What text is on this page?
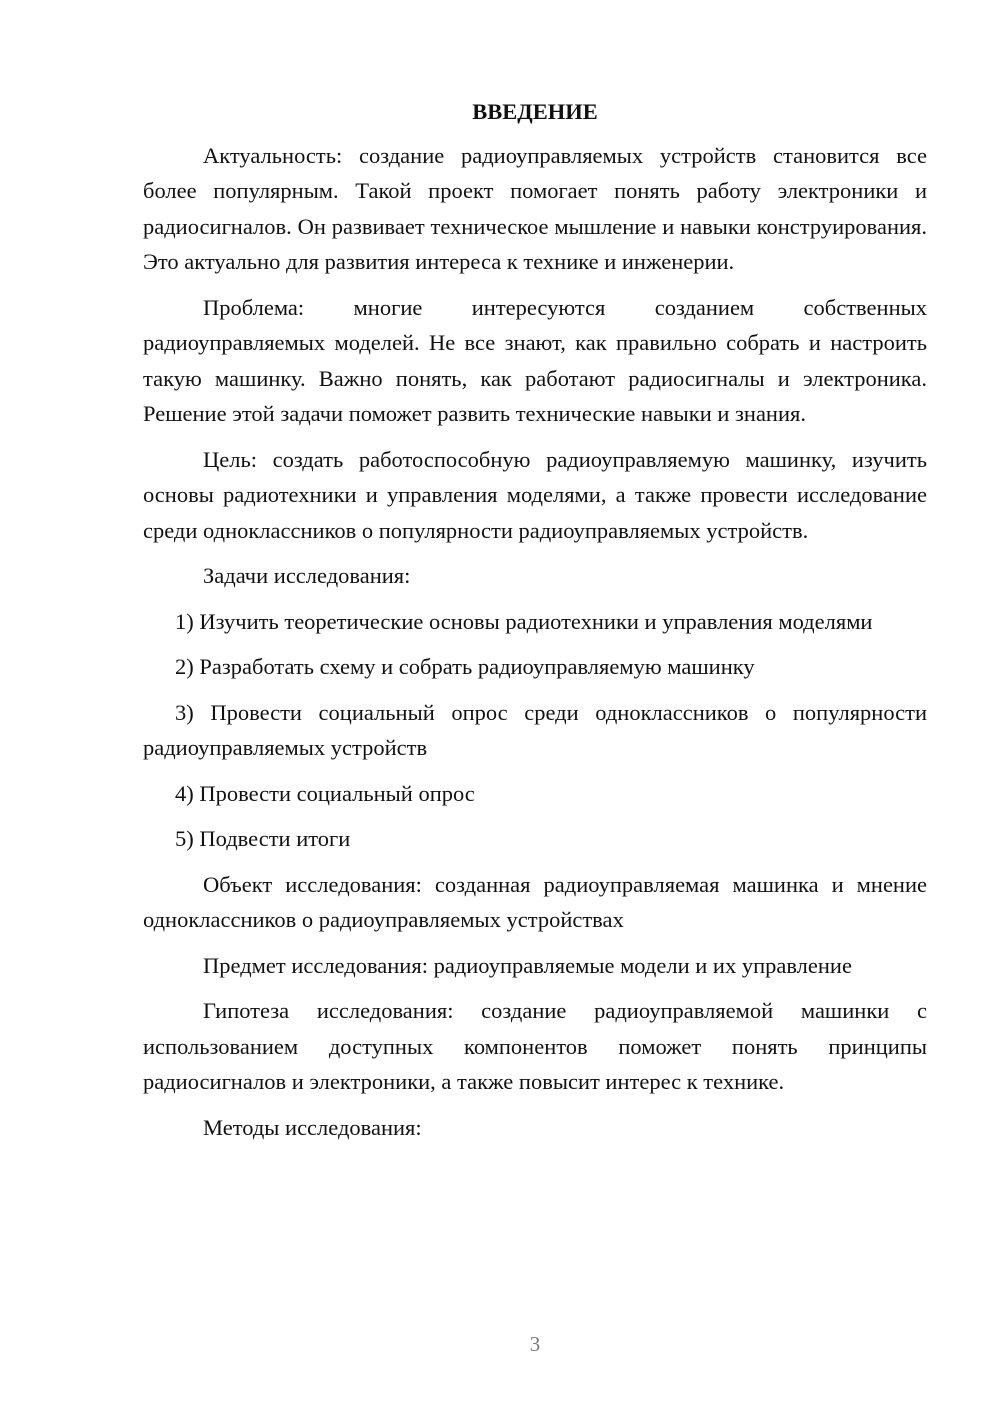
ВВЕДЕНИЕ

Актуальность: создание радиоуправляемых устройств становится все более популярным. Такой проект помогает понять работу электроники и радиосигналов. Он развивает техническое мышление и навыки конструирования. Это актуально для развития интереса к технике и инженерии.

Проблема: многие интересуются созданием собственных радиоуправляемых моделей. Не все знают, как правильно собрать и настроить такую машинку. Важно понять, как работают радиосигналы и электроника. Решение этой задачи поможет развить технические навыки и знания.

Цель: создать работоспособную радиоуправляемую машинку, изучить основы радиотехники и управления моделями, а также провести исследование среди одноклассников о популярности радиоуправляемых устройств.

Задачи исследования:

1) Изучить теоретические основы радиотехники и управления моделями

2) Разработать схему и собрать радиоуправляемую машинку

3) Провести социальный опрос среди одноклассников о популярности радиоуправляемых устройств

4) Провести социальный опрос

5) Подвести итоги

Объект исследования: созданная радиоуправляемая машинка и мнение одноклассников о радиоуправляемых устройствах

Предмет исследования: радиоуправляемые модели и их управление

Гипотеза исследования: создание радиоуправляемой машинки с использованием доступных компонентов поможет понять принципы радиосигналов и электроники, а также повысит интерес к технике.

Методы исследования:

3
